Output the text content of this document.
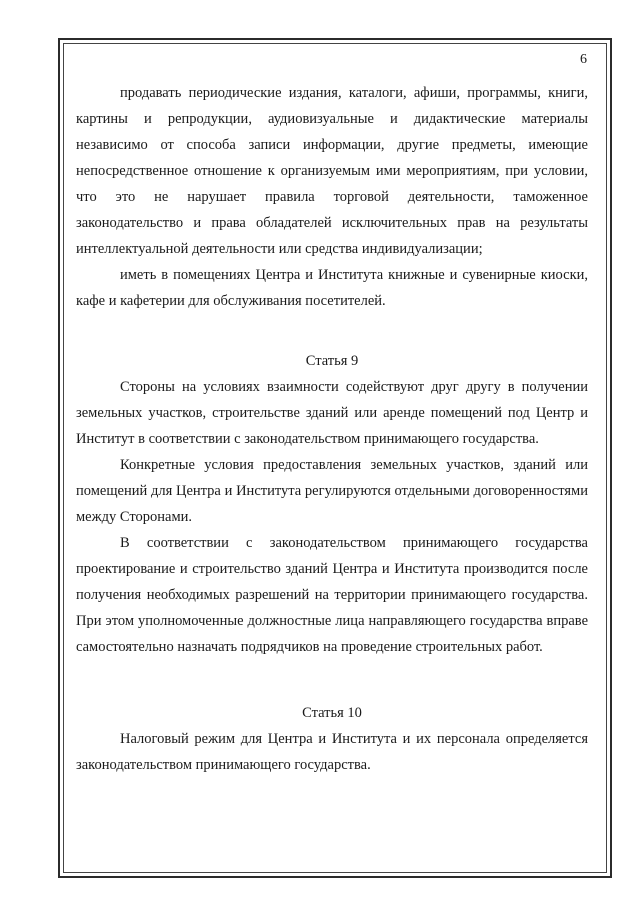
6

продавать периодические издания, каталоги, афиши, программы, книги, картины и репродукции, аудиовизуальные и дидактические материалы независимо от способа записи информации, другие предметы, имеющие непосредственное отношение к организуемым ими мероприятиям, при условии, что это не нарушает правила торговой деятельности, таможенное законодательство и права обладателей исключительных прав на результаты интеллектуальной деятельности или средства индивидуализации;

иметь в помещениях Центра и Института книжные и сувенирные киоски, кафе и кафетерии для обслуживания посетителей.

Статья 9

Стороны на условиях взаимности содействуют друг другу в получении земельных участков, строительстве зданий или аренде помещений под Центр и Институт в соответствии с законодательством принимающего государства.

Конкретные условия предоставления земельных участков, зданий или помещений для Центра и Института регулируются отдельными договоренностями между Сторонами.

В соответствии с законодательством принимающего государства проектирование и строительство зданий Центра и Института производится после получения необходимых разрешений на территории принимающего государства. При этом уполномоченные должностные лица направляющего государства вправе самостоятельно назначать подрядчиков на проведение строительных работ.

Статья 10

Налоговый режим для Центра и Института и их персонала определяется законодательством принимающего государства.
